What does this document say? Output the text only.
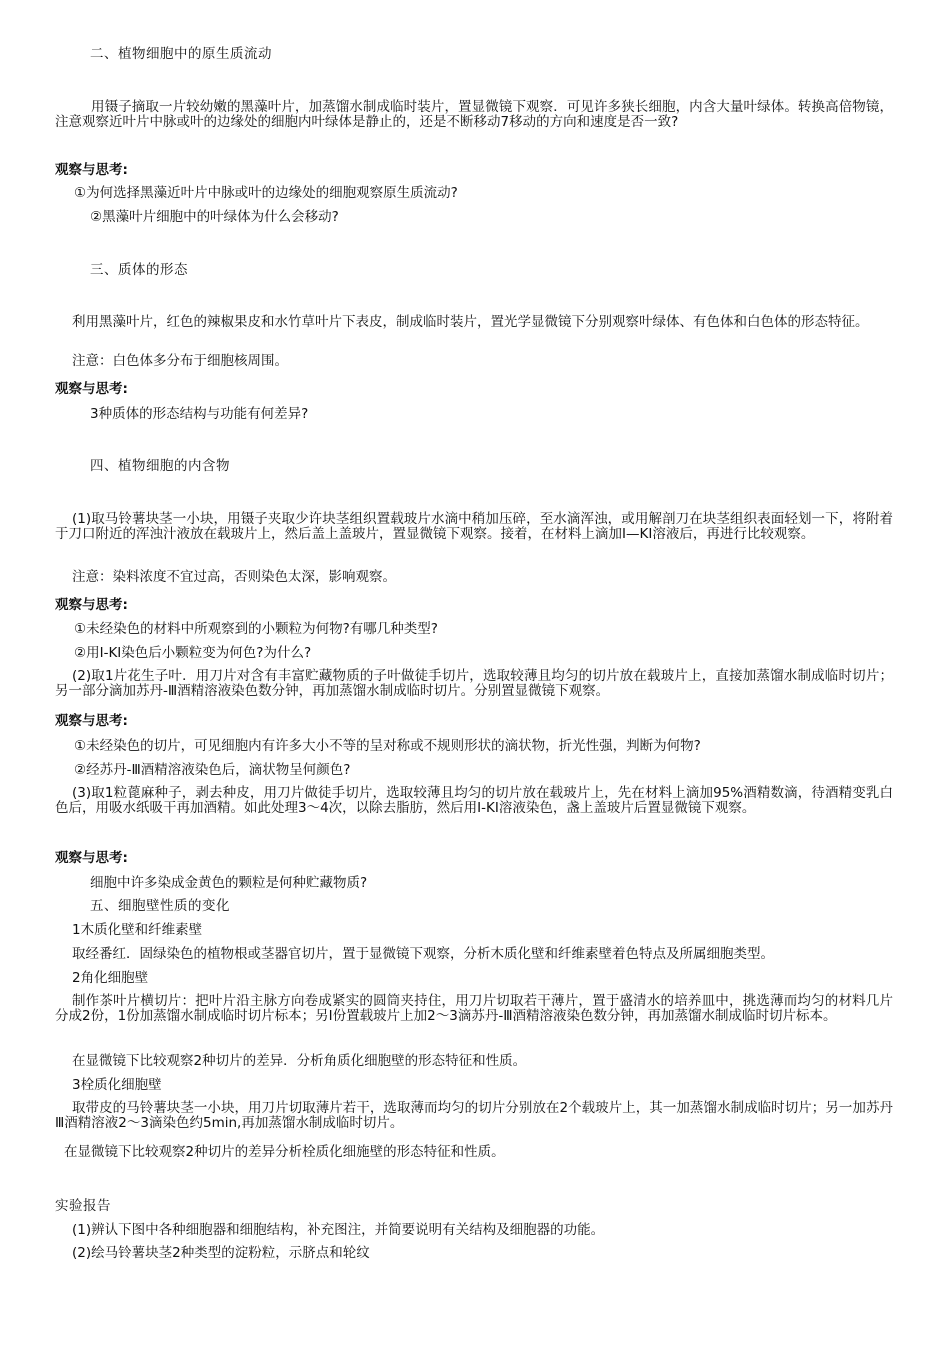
二、植物细胞中的原生质流动
用镊子摘取一片较幼嫩的黑藻叶片，加蒸馏水制成临时装片，置显微镜下观察．可见许多狭长细胞，内含大量叶绿体。转换高倍物镜，注意观察近叶片中脉或叶的边缘处的细胞内叶绿体是静止的，还是不断移动7移动的方向和速度是否一致?
观察与思考:
①为何选择黑藻近叶片中脉或叶的边缘处的细胞观察原生质流动?
②黑藻叶片细胞中的叶绿体为什么会移动?
三、质体的形态
利用黑藻叶片，红色的辣椒果皮和水竹草叶片下表皮，制成临时装片，置光学显微镜下分别观察叶绿体、有色体和白色体的形态特征。
注意：白色体多分布于细胞核周围。
观察与思考:
3种质体的形态结构与功能有何差异?
四、植物细胞的内含物
(1)取马铃薯块茎一小块，用镊子夹取少许块茎组织置载玻片水滴中稍加压碎，至水滴浑浊，或用解剖刀在块茎组织表面轻划一下，将附着于刀口附近的浑浊汁液放在载玻片上，然后盖上盖玻片，置显微镜下观察。接着，在材料上滴加I—KI溶液后，再进行比较观察。
注意：染料浓度不宜过高，否则染色太深，影响观察。
观察与思考:
①未经染色的材料中所观察到的小颗粒为何物?有哪几种类型?
②用I-KI染色后小颗粒变为何色?为什么?
(2)取1片花生子叶．用刀片对含有丰富贮藏物质的子叶做徒手切片，选取较薄且均匀的切片放在载玻片上，直接加蒸馏水制成临时切片；另一部分滴加苏丹-Ⅲ酒精溶液染色数分钟，再加蒸馏水制成临时切片。分别置显微镜下观察。
观察与思考:
①未经染色的切片，可见细胞内有许多大小不等的呈对称或不规则形状的滴状物，折光性强，判断为何物?
②经苏丹-Ⅲ酒精溶液染色后，滴状物呈何颜色?
(3)取1粒蓖麻种子，剥去种皮，用刀片做徒手切片，选取较薄且均匀的切片放在载玻片上，先在材料上滴加95%酒精数滴，待酒精变乳白色后，用吸水纸吸干再加酒精。如此处理3～4次，以除去脂肪，然后用I-KI溶液染色，盏上盖玻片后置显微镜下观察。
观察与思考:
细胞中许多染成金黄色的颗粒是何种贮藏物质?
五、细胞壁性质的变化
1木质化壁和纤维素壁
取经番红．固绿染色的植物根或茎器官切片，置于显微镜下观察，分析木质化壁和纤维素壁着色特点及所属细胞类型。
2角化细胞壁
制作茶叶片横切片：把叶片沿主脉方向卷成紧实的圆筒夹持住，用刀片切取若干薄片，置于盛清水的培养皿中，挑选薄而均匀的材料几片分成2份，1份加蒸馏水制成临时切片标本；另I份置载玻片上加2～3滴苏丹-Ⅲ酒精溶液染色数分钟，再加蒸馏水制成临时切片标本。
在显微镜下比较观察2种切片的差异．分析角质化细胞壁的形态特征和性质。
3栓质化细胞壁
取带皮的马铃薯块茎一小块，用刀片切取薄片若干，选取薄而均匀的切片分别放在2个载玻片上，其一加蒸馏水制成临时切片；另一加苏丹Ⅲ酒精溶液2～3滴染色约5min,再加蒸馏水制成临时切片。
在显微镜下比较观察2种切片的差异分析栓质化细施壁的形态特征和性质。
实验报告
(1)辨认下图中各种细胞器和细胞结构，补充图注，并简要说明有关结构及细胞器的功能。
(2)绘马铃薯块茎2种类型的淀粉粒，示脐点和轮纹
